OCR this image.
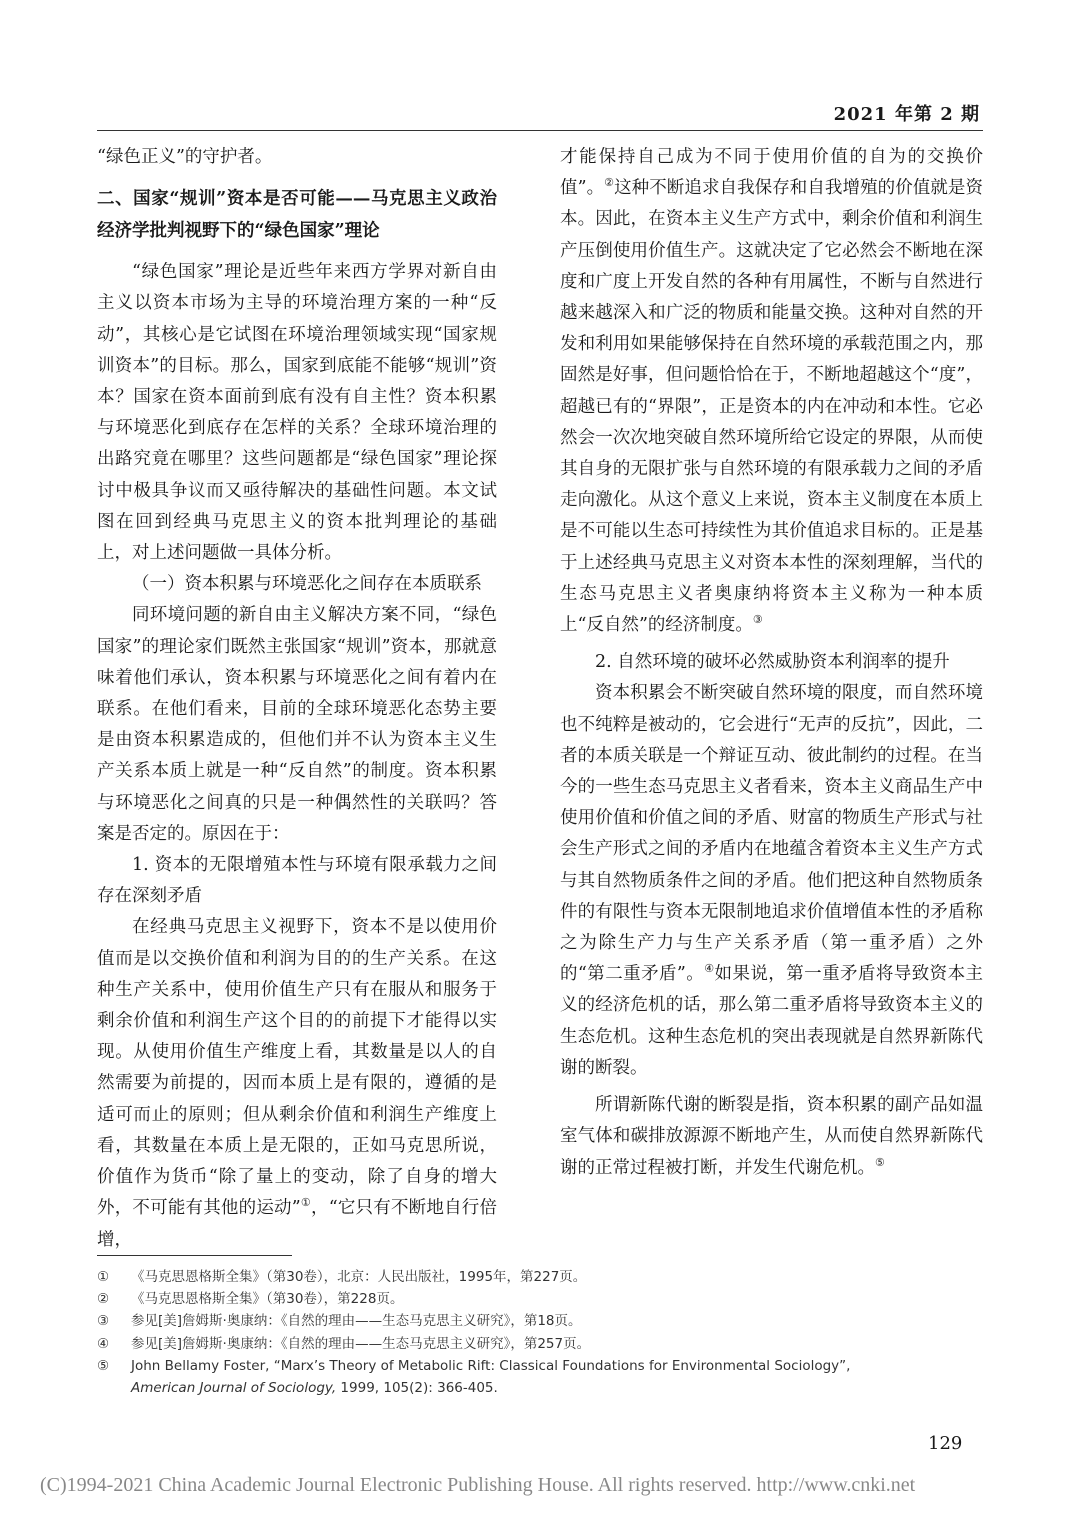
2021 年第 2 期

“绿色正义”的守护者。

二、国家“规训”资本是否可能——马克思主义政治经济学批判视野下的“绿色国家”理论

“绿色国家”理论是近些年来西方学界对新自由主义以资本市场为主导的环境治理方案的一种“反动”，其核心是它试图在环境治理领域实现“国家规训资本”的目标。那么，国家到底能不能够“规训”资本？国家在资本面前到底有没有自主性？资本积累与环境恶化到底存在怎样的关系？全球环境治理的出路究竟在哪里？这些问题都是“绿色国家”理论探讨中极具争议而又亟待解决的基础性问题。本文试图在回到经典马克思主义的资本批判理论的基础上，对上述问题做一具体分析。

（一）资本积累与环境恶化之间存在本质联系

同环境问题的新自由主义解决方案不同，“绿色国家”的理论家们既然主张国家“规训”资本，那就意味着他们承认，资本积累与环境恶化之间有着内在联系。在他们看来，目前的全球环境恶化态势主要是由资本积累造成的，但他们并不认为资本主义生产关系本质上就是一种“反自然”的制度。资本积累与环境恶化之间真的只是一种偶然性的关联吗？答案是否定的。原因在于：

1. 资本的无限增殖本性与环境有限承载力之间存在深刻矛盾

在经典马克思主义视野下，资本不是以使用价值而是以交换价值和利润为目的的生产关系。在这种生产关系中，使用价值生产只有在服从和服务于剩余价值和利润生产这个目的的前提下才能得以实现。从使用价值生产维度上看，其数量是以人的自然需要为前提的，因而本质上是有限的，遵循的是适可而止的原则；但从剩余价值和利润生产维度上看，其数量在本质上是无限的，正如马克思所说，价值作为货币“除了量上的变动，除了自身的增大外，不可能有其他的运动”①，“它只有不断地自行倍增，

才能保持自己成为不同于使用价值的自为的交换价值”。②这种不断追求自我保存和自我增殖的价值就是资本。因此，在资本主义生产方式中，剩余价值和利润生产压倒使用价值生产。这就决定了它必然会不断地在深度和广度上开发自然的各种有用属性，不断与自然进行越来越深入和广泛的物质和能量交换。这种对自然的开发和利用如果能够保持在自然环境的承载范围之内，那固然是好事，但问题恰恰在于，不断地超越这个“度”，超越已有的“界限”，正是资本的内在冲动和本性。它必然会一次次地突破自然环境所给它设定的界限，从而使其自身的无限扩张与自然环境的有限承载力之间的矛盾走向激化。从这个意义上来说，资本主义制度在本质上是不可能以生态可持续性为其价值追求目标的。正是基于上述经典马克思主义对资本本性的深刻理解，当代的生态马克思主义者奥康纳将资本主义称为一种本质上“反自然”的经济制度。③

2. 自然环境的破坏必然威胁资本利润率的提升

资本积累会不断突破自然环境的限度，而自然环境也不纯粹是被动的，它会进行“无声的反抗”，因此，二者的本质关联是一个辩证互动、彼此制约的过程。在当今的一些生态马克思主义者看来，资本主义商品生产中使用价值和价值之间的矛盾、财富的物质生产形式与社会生产形式之间的矛盾内在地蕴含着资本主义生产方式与其自然物质条件之间的矛盾。他们把这种自然物质条件的有限性与资本无限制地追求价值增值本性的矛盾称之为除生产力与生产关系矛盾（第一重矛盾）之外的“第二重矛盾”。④如果说，第一重矛盾将导致资本主义的经济危机的话，那么第二重矛盾将导致资本主义的生态危机。这种生态危机的突出表现就是自然界新陈代谢的断裂。

所谓新陈代谢的断裂是指，资本积累的副产品如温室气体和碳排放源源不断地产生，从而使自然界新陈代谢的正常过程被打断，并发生代谢危机。⑤

①	《马克思恩格斯全集》（第30卷），北京：人民出版社，1995年，第227页。
②	《马克思恩格斯全集》（第30卷），第228页。
③	参见[美]詹姆斯·奥康纳：《自然的理由——生态马克思主义研究》，第18页。
④	参见[美]詹姆斯·奥康纳：《自然的理由——生态马克思主义研究》，第257页。
⑤	John Bellamy Foster, “Marx’s Theory of Metabolic Rift: Classical Foundations for Environmental Sociology”,
American Journal of Sociology, 1999, 105(2): 366-405.
129
(C)1994-2021 China Academic Journal Electronic Publishing House. All rights reserved. http://www.cnki.net
